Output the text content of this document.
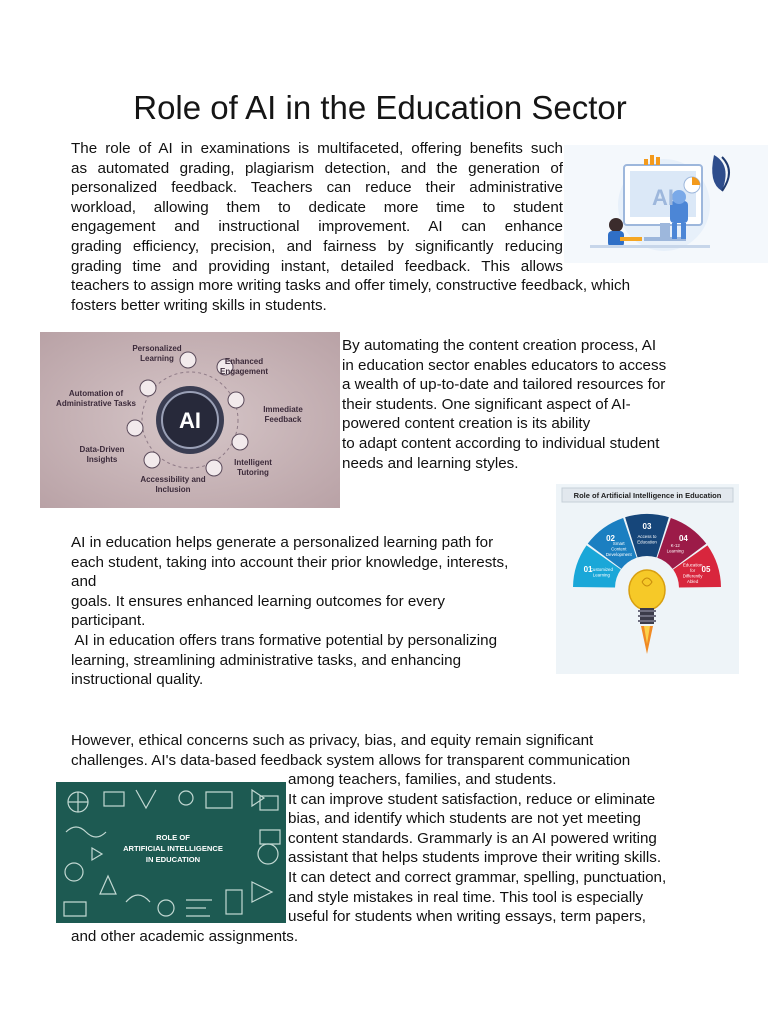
Role of AI in the Education Sector
The role of AI in examinations is multifaceted, offering benefits such
as automated grading, plagiarism detection, and the generation of
personalized feedback. Teachers can reduce their administrative
workload, allowing them to dedicate more time to student
engagement and instructional improvement. AI can enhance
grading efficiency, precision, and fairness by significantly reducing
grading time and providing instant, detailed feedback. This allows
teachers to assign more writing tasks and offer timely, constructive feedback, which
fosters better writing skills in students.
AI
AI
Personalized Learning	Enhanced Engagement
Automation of Administrative Tasks
Immediate Feedback
Data-Driven Insights	Intelligent Tutoring
Accessibility and Inclusion
By automating the content creation process, AI
in education sector enables educators to access
a wealth of up-to-date and tailored resources for
their students. One significant aspect of AI-
powered content creation is its ability
to adapt content according to individual student
needs and learning styles.
Role of Artificial Intelligence in Education
01
Customized
Learning
02
Smart
Content
Development
03
Access to
Education	04
K-12
Learning
05
Education
for
Differently
Abled
AI in education helps generate a personalized learning path for
each student, taking into account their prior knowledge, interests,
and
goals. It ensures enhanced learning outcomes for every
participant.
AI in education offers trans formative potential by personalizing
learning, streamlining administrative tasks, and enhancing
instructional quality.
However, ethical concerns such as privacy, bias, and equity remain significant
challenges. AI's data-based feedback system allows for transparent communication
ROLE OF
ARTIFICIAL INTELLIGENCE
IN EDUCATION
among teachers, families, and students.
It can improve student satisfaction, reduce or eliminate
bias, and identify which students are not yet meeting
content standards. Grammarly is an AI powered writing
assistant that helps students improve their writing skills.
It can detect and correct grammar, spelling, punctuation,
and style mistakes in real time. This tool is especially
useful for students when writing essays, term papers,
and other academic assignments.
